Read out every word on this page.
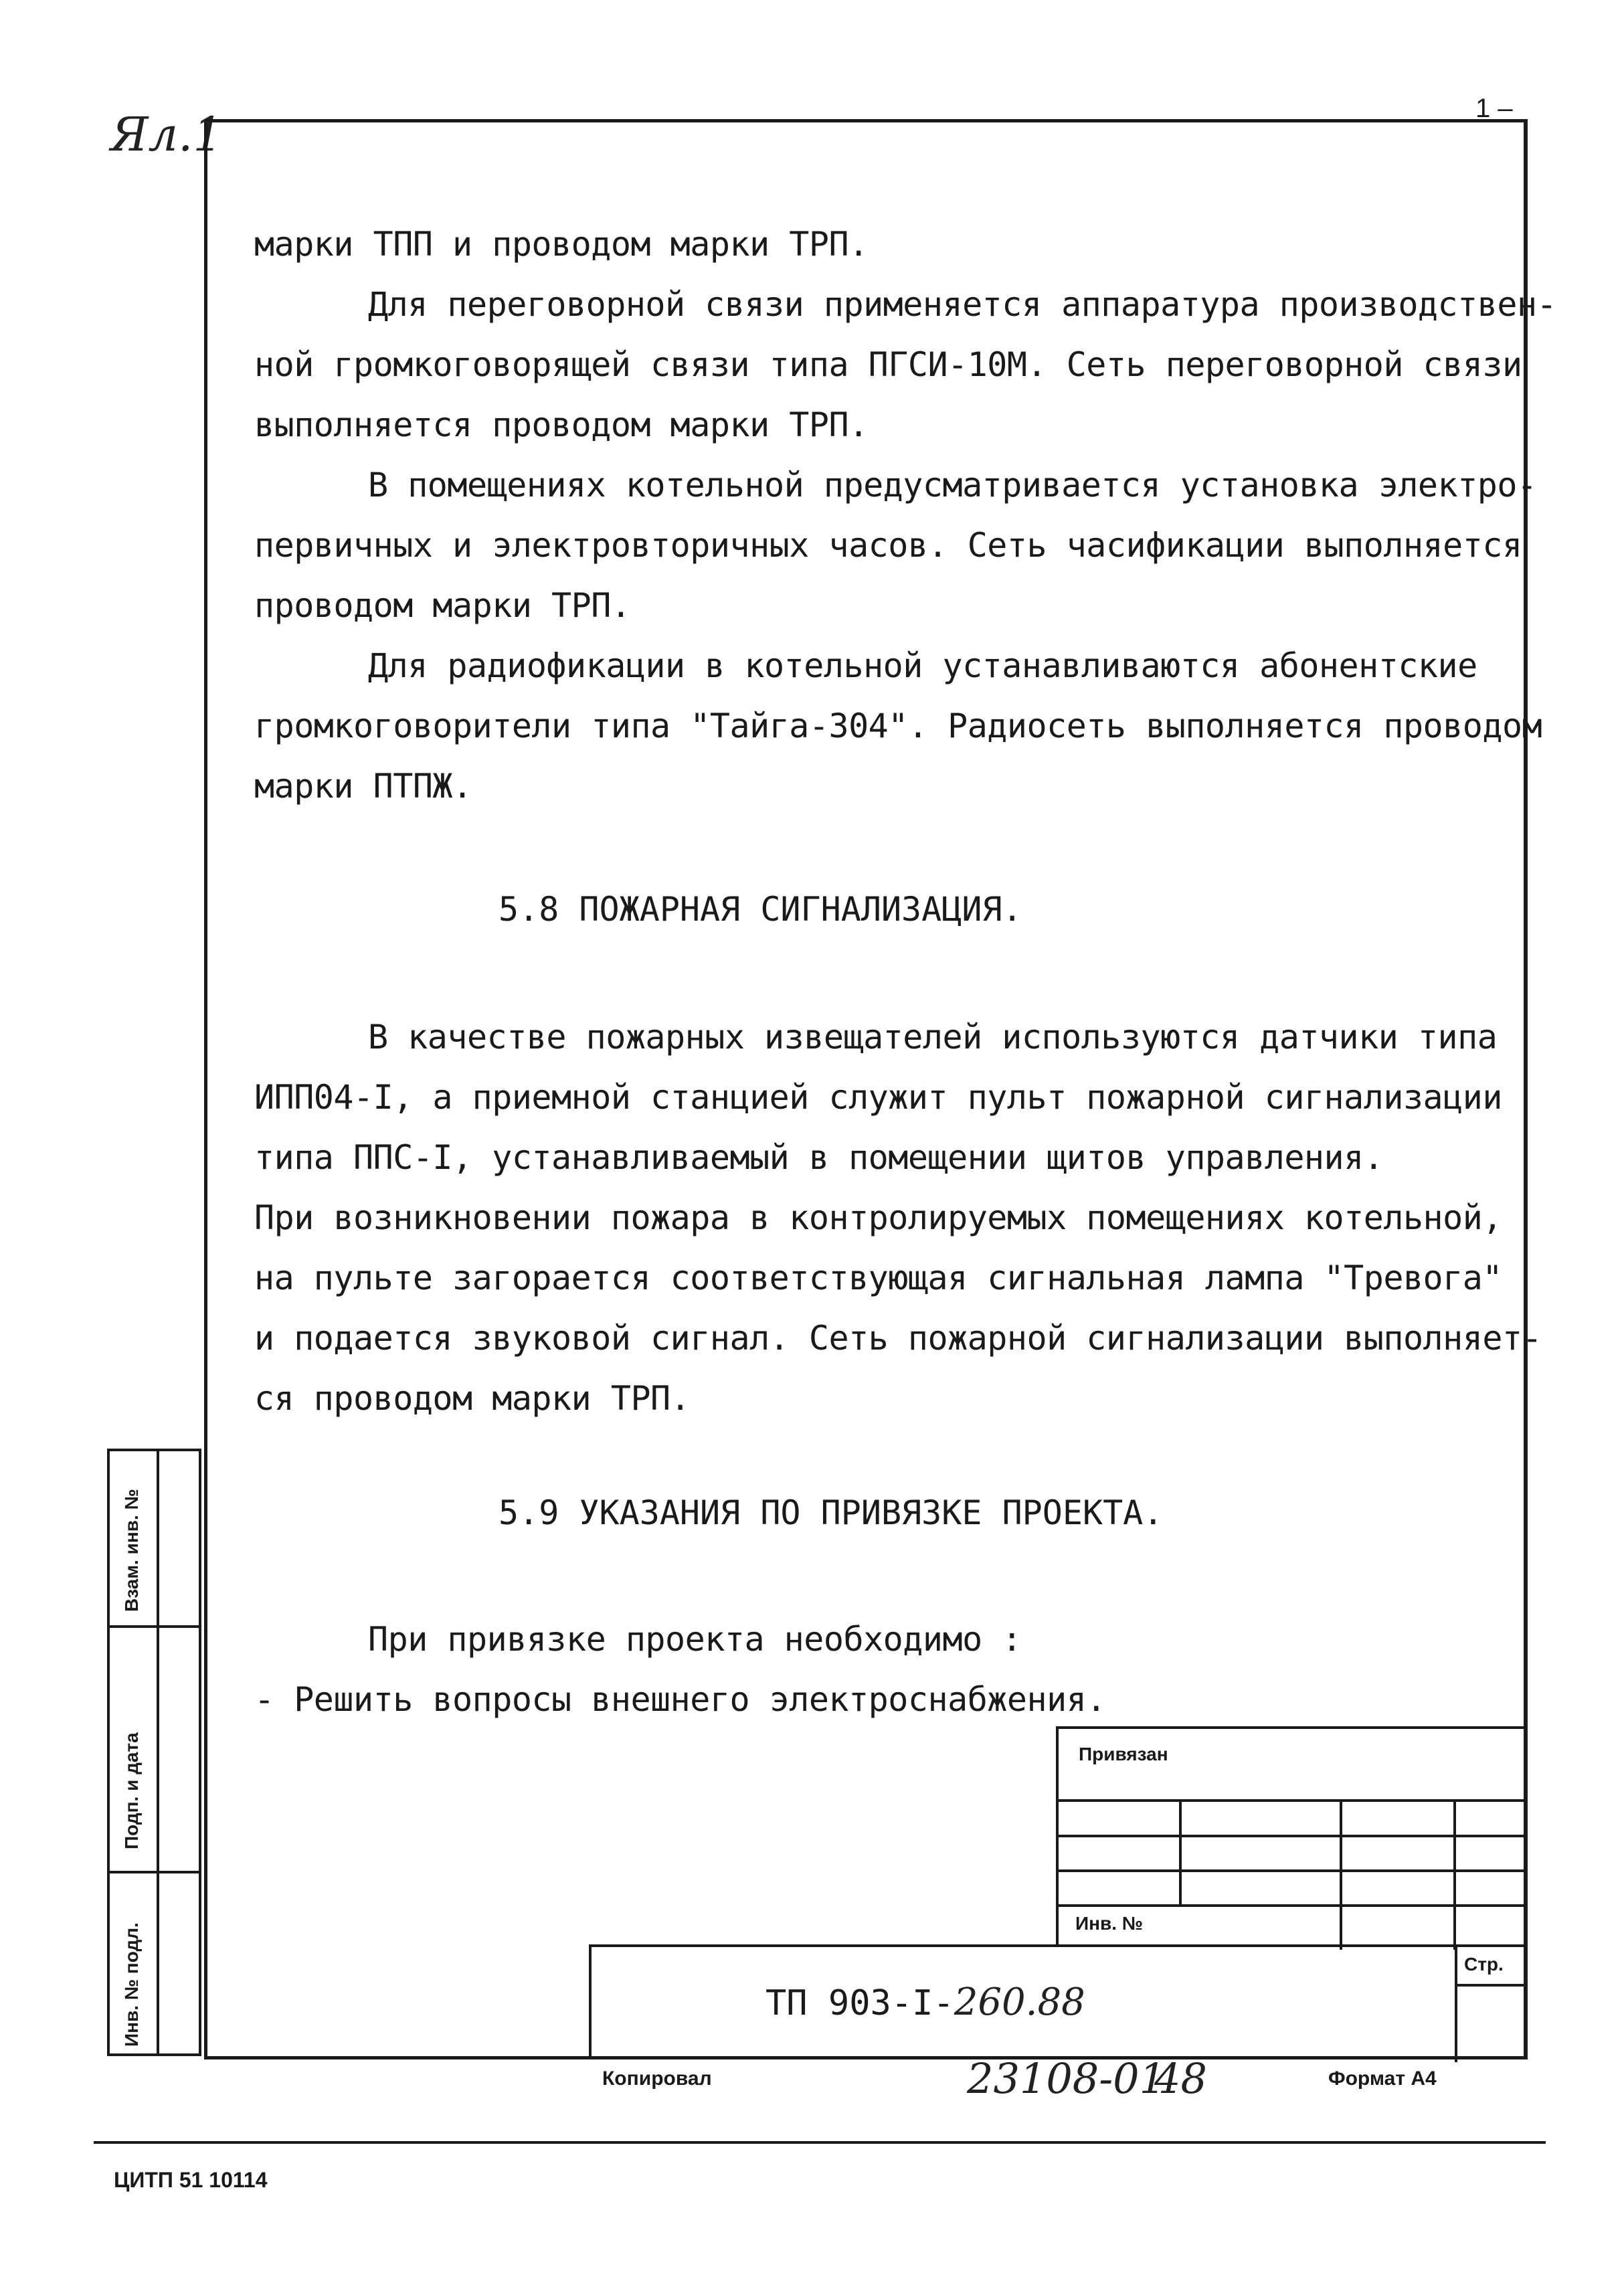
Ял.1	1 –
марки ТПП и проводом марки ТРП.
Для переговорной связи применяется аппаратура производствен-
ной громкоговорящей связи типа ПГСИ-10М. Сеть переговорной связи
выполняется проводом марки ТРП.
В помещениях котельной предусматривается установка электро-
первичных и электровторичных часов. Сеть часификации выполняется
проводом марки ТРП.
Для радиофикации в котельной устанавливаются абонентские
громкоговорители типа "Тайга-304". Радиосеть выполняется проводом
марки ПТПЖ.
5.8 ПОЖАРНАЯ СИГНАЛИЗАЦИЯ.
В качестве пожарных извещателей используются датчики типа
ИПП04-I, а приемной станцией служит пульт пожарной сигнализации
типа ППС-I, устанавливаемый в помещении щитов управления.
При возникновении пожара в контролируемых помещениях котельной,
на пульте загорается соответствующая сигнальная лампа "Тревога"
и подается звуковой сигнал. Сеть пожарной сигнализации выполняет-
ся проводом марки ТРП.
5.9 УКАЗАНИЯ ПО ПРИВЯЗКЕ ПРОЕКТА.
При привязке проекта необходимо :
- Решить вопросы внешнего электроснабжения.
Взам. инв. №
Подп. и дата
Инв. № подл.
Привязан
Инв. №
ТП 903-I-260.88
Стр.
Копировал	23108-01
48	Формат А4
ЦИТП 51 10114
